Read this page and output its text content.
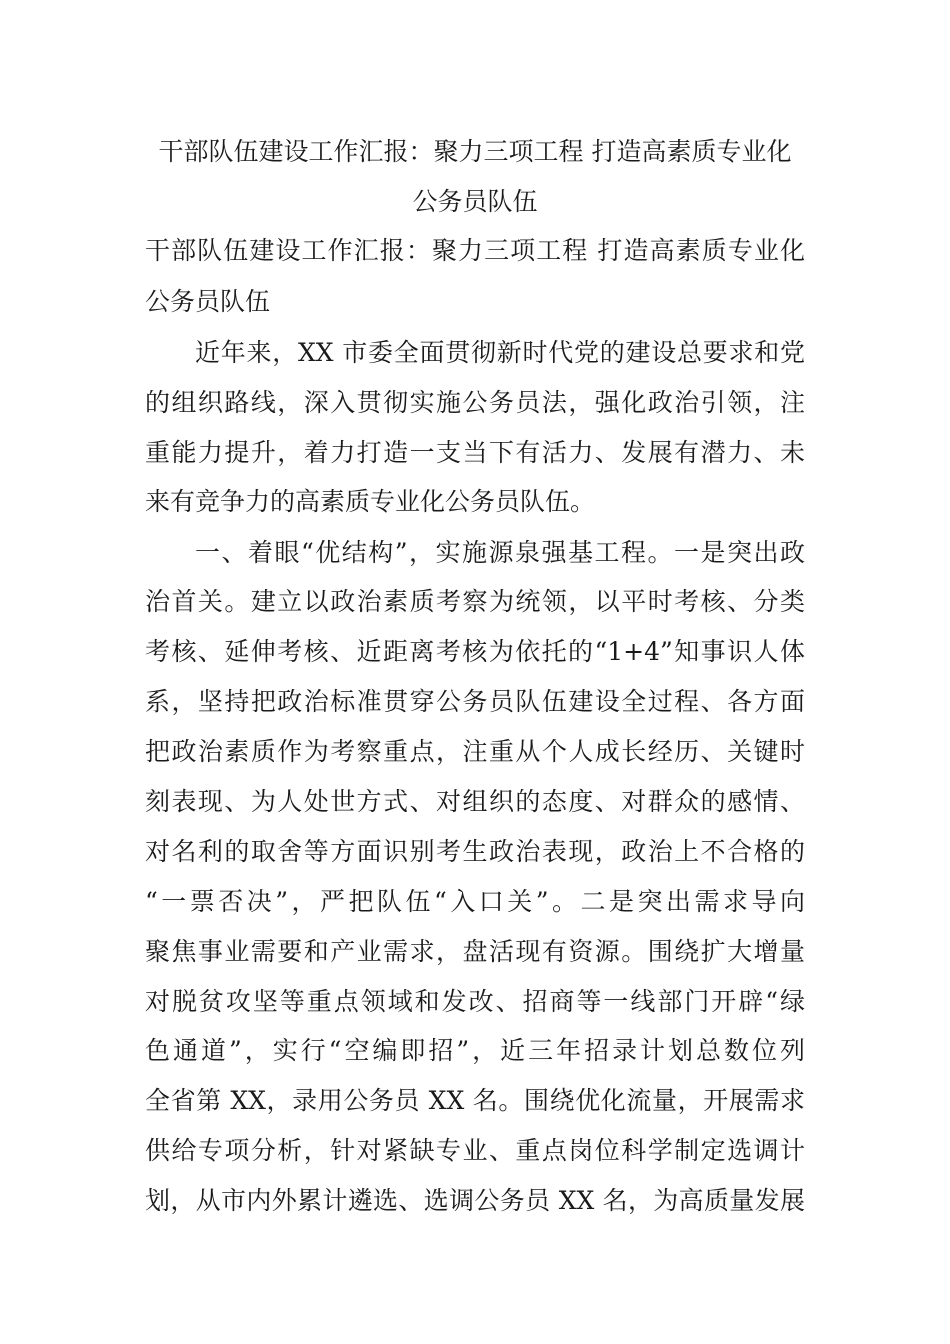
干部队伍建设工作汇报：聚力三项工程 打造高素质专业化
公务员队伍
干部队伍建设工作汇报：聚力三项工程 打造高素质专业化
公务员队伍
近年来，XX 市委全面贯彻新时代党的建设总要求和党
的组织路线，深入贯彻实施公务员法，强化政治引领，注
重能力提升，着力打造一支当下有活力、发展有潜力、未
来有竞争力的高素质专业化公务员队伍。
一、着眼“优结构”，实施源泉强基工程。一是突出政
治首关。建立以政治素质考察为统领，以平时考核、分类
考核、延伸考核、近距离考核为依托的“1+4”知事识人体
系，坚持把政治标准贯穿公务员队伍建设全过程、各方面
把政治素质作为考察重点，注重从个人成长经历、关键时
刻表现、为人处世方式、对组织的态度、对群众的感情、
对名利的取舍等方面识别考生政治表现，政治上不合格的
“一票否决”，严把队伍“入口关”。二是突出需求导向
聚焦事业需要和产业需求，盘活现有资源。围绕扩大增量
对脱贫攻坚等重点领域和发改、招商等一线部门开辟“绿
色通道”，实行“空编即招”，近三年招录计划总数位列
全省第 XX，录用公务员 XX 名。围绕优化流量，开展需求
供给专项分析，针对紧缺专业、重点岗位科学制定选调计
划，从市内外累计遴选、选调公务员 XX 名，为高质量发展
